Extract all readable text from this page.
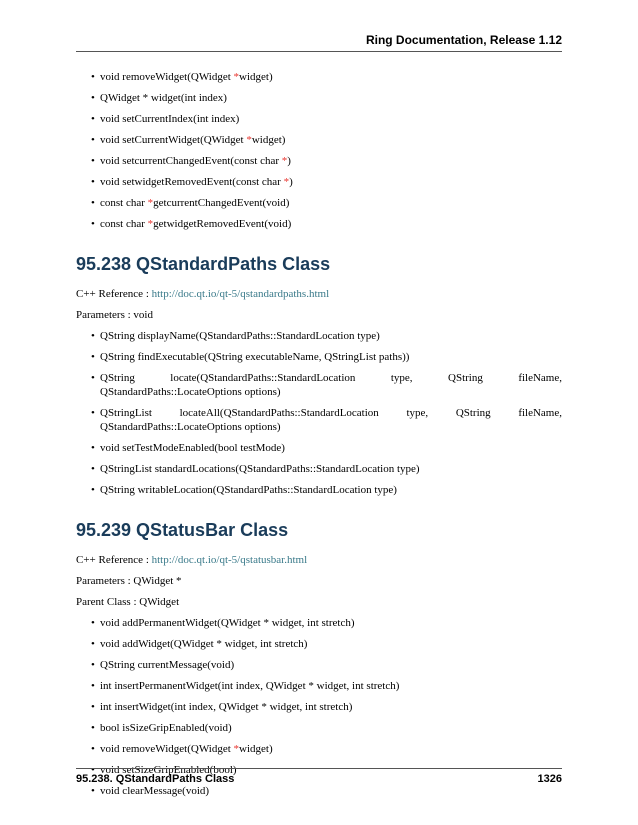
Ring Documentation, Release 1.12
• void removeWidget(QWidget *widget)
• QWidget * widget(int index)
• void setCurrentIndex(int index)
• void setCurrentWidget(QWidget *widget)
• void setcurrentChangedEvent(const char *)
• void setwidgetRemovedEvent(const char *)
• const char *getcurrentChangedEvent(void)
• const char *getwidgetRemovedEvent(void)
95.238 QStandardPaths Class

C++ Reference : http://doc.qt.io/qt-5/qstandardpaths.html

Parameters : void

• QString displayName(QStandardPaths::StandardLocation type)
• QString findExecutable(QString executableName, QStringList paths))
• QString locate(QStandardPaths::StandardLocation type, QString fileName, QStandardPaths::LocateOptions options)
• QStringList locateAll(QStandardPaths::StandardLocation type, QString fileName, QStandardPaths::LocateOptions options)
• void setTestModeEnabled(bool testMode)
• QStringList standardLocations(QStandardPaths::StandardLocation type)
• QString writableLocation(QStandardPaths::StandardLocation type)
95.239 QStatusBar Class

C++ Reference : http://doc.qt.io/qt-5/qstatusbar.html

Parameters : QWidget *

Parent Class : QWidget

• void addPermanentWidget(QWidget * widget, int stretch)
• void addWidget(QWidget * widget, int stretch)
• QString currentMessage(void)
• int insertPermanentWidget(int index, QWidget * widget, int stretch)
• int insertWidget(int index, QWidget * widget, int stretch)
• bool isSizeGripEnabled(void)
• void removeWidget(QWidget *widget)
• void setSizeGripEnabled(bool)
• void clearMessage(void)
95.238. QStandardPaths Class	1326
